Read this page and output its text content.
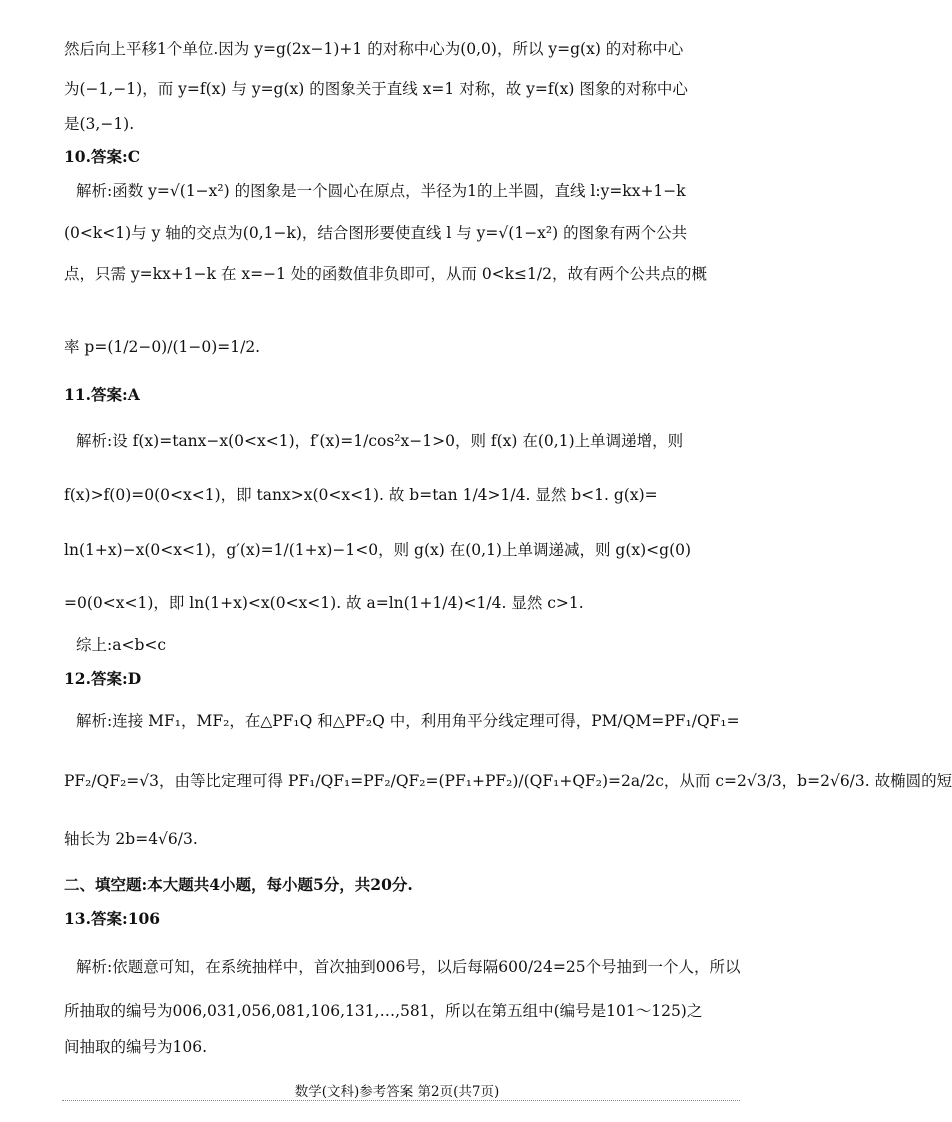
然后向上平移1个单位.因为 y=g(2x−1)+1 的对称中心为(0,0)，所以 y=g(x) 的对称中心
为(−1,−1)，而 y=f(x) 与 y=g(x) 的图象关于直线 x=1 对称，故 y=f(x) 图象的对称中心
是(3,−1).
10.答案:C
解析:函数 y=√(1−x²) 的图象是一个圆心在原点，半径为1的上半圆，直线 l:y=kx+1−k
(0<k<1)与 y 轴的交点为(0,1−k)，结合图形要使直线 l 与 y=√(1−x²) 的图象有两个公共
点，只需 y=kx+1−k 在 x=−1 处的函数值非负即可，从而 0<k≤1/2，故有两个公共点的概
率 p=(1/2−0)/(1−0)=1/2.
11.答案:A
解析:设 f(x)=tanx−x(0<x<1)，f′(x)=1/cos²x−1>0，则 f(x) 在(0,1)上单调递增，则
f(x)>f(0)=0(0<x<1)，即 tanx>x(0<x<1). 故 b=tan 1/4>1/4. 显然 b<1. g(x)=
ln(1+x)−x(0<x<1)，g′(x)=1/(1+x)−1<0，则 g(x) 在(0,1)上单调递减，则 g(x)<g(0)
=0(0<x<1)，即 ln(1+x)<x(0<x<1). 故 a=ln(1+1/4)<1/4. 显然 c>1.
综上:a<b<c
12.答案:D
解析:连接 MF₁，MF₂，在△PF₁Q 和△PF₂Q 中，利用角平分线定理可得，PM/QM=PF₁/QF₁=
PF₂/QF₂=√3，由等比定理可得 PF₁/QF₁=PF₂/QF₂=(PF₁+PF₂)/(QF₁+QF₂)=2a/2c，从而 c=2√3/3，b=2√6/3. 故椭圆的短
轴长为 2b=4√6/3.
二、填空题:本大题共4小题，每小题5分，共20分.
13.答案:106
解析:依题意可知，在系统抽样中，首次抽到006号，以后每隔600/24=25个号抽到一个人，所以
所抽取的编号为006,031,056,081,106,131,…,581，所以在第五组中(编号是101～125)之
间抽取的编号为106.
数学(文科)参考答案 第2页(共7页)
